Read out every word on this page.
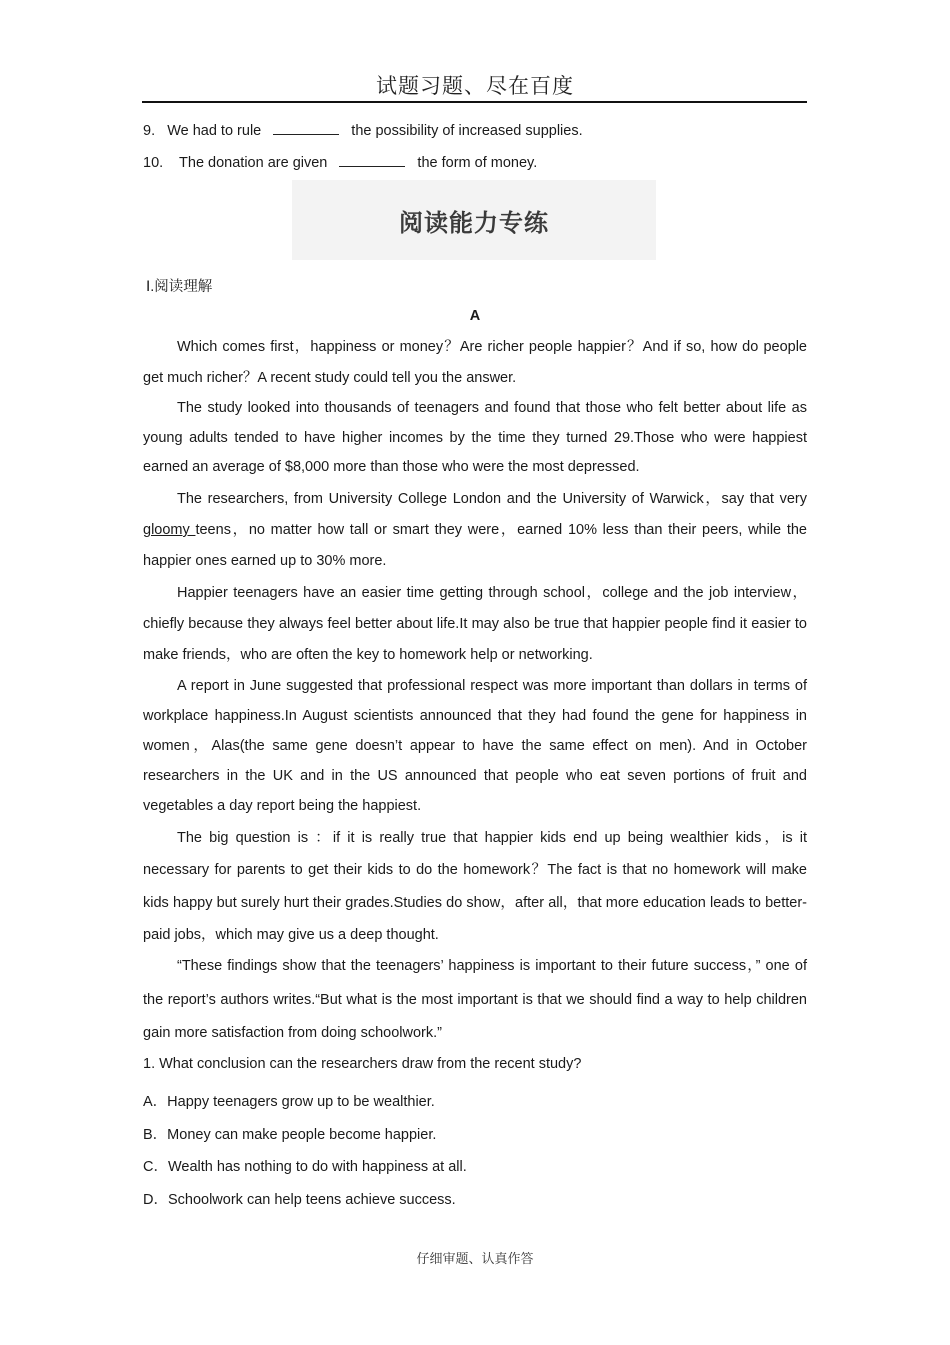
试题习题、尽在百度
9. We had to rule	the possibility of increased supplies.
10. The donation are given	the form of money.
阅读能力专练
Ⅰ.阅读理解
A

Which comes first，happiness or money？Are richer people happier？And if so, how do people get much richer？A recent study could tell you the answer.

The study looked into thousands of teenagers and found that those who felt better about life as young adults tended to have higher incomes by the time they turned 29.Those who were happiest earned an average of $8,000 more than those who were the most depressed.

The researchers, from University College London and the University of Warwick，say that very gloomy teens，no matter how tall or smart they were，earned 10% less than their peers, while the happier ones earned up to 30% more.

Happier teenagers have an easier time getting through school，college and the job interview，chiefly because they always feel better about life.It may also be true that happier people find it easier to make friends，who are often the key to homework help or networking.

A report in June suggested that professional respect was more important than dollars in terms of workplace happiness.In August scientists announced that they had found the gene for happiness in women，Alas(the same gene doesn’t appear to have the same effect on men). And in October researchers in the UK and in the US announced that people who eat seven portions of fruit and vegetables a day report being the happiest.

The big question is ：if it is really true that happier kids end up being wealthier kids，is it necessary for parents to get their kids to do the homework？The fact is that no homework will make kids happy but surely hurt their grades.Studies do show，after all，that more education leads to better-paid jobs，which may give us a deep thought.

“These findings show that the teenagers’ happiness is important to their future success，” one of the report’s authors writes.“But what is the most important is that we should find a way to help children gain more satisfaction from doing schoolwork.”

1. What conclusion can the researchers draw from the recent study?
A．Happy teenagers grow up to be wealthier.
B．Money can make people become happier.
C．Wealth has nothing to do with happiness at all.
D．Schoolwork can help teens achieve success.
仔细审题、认真作答
